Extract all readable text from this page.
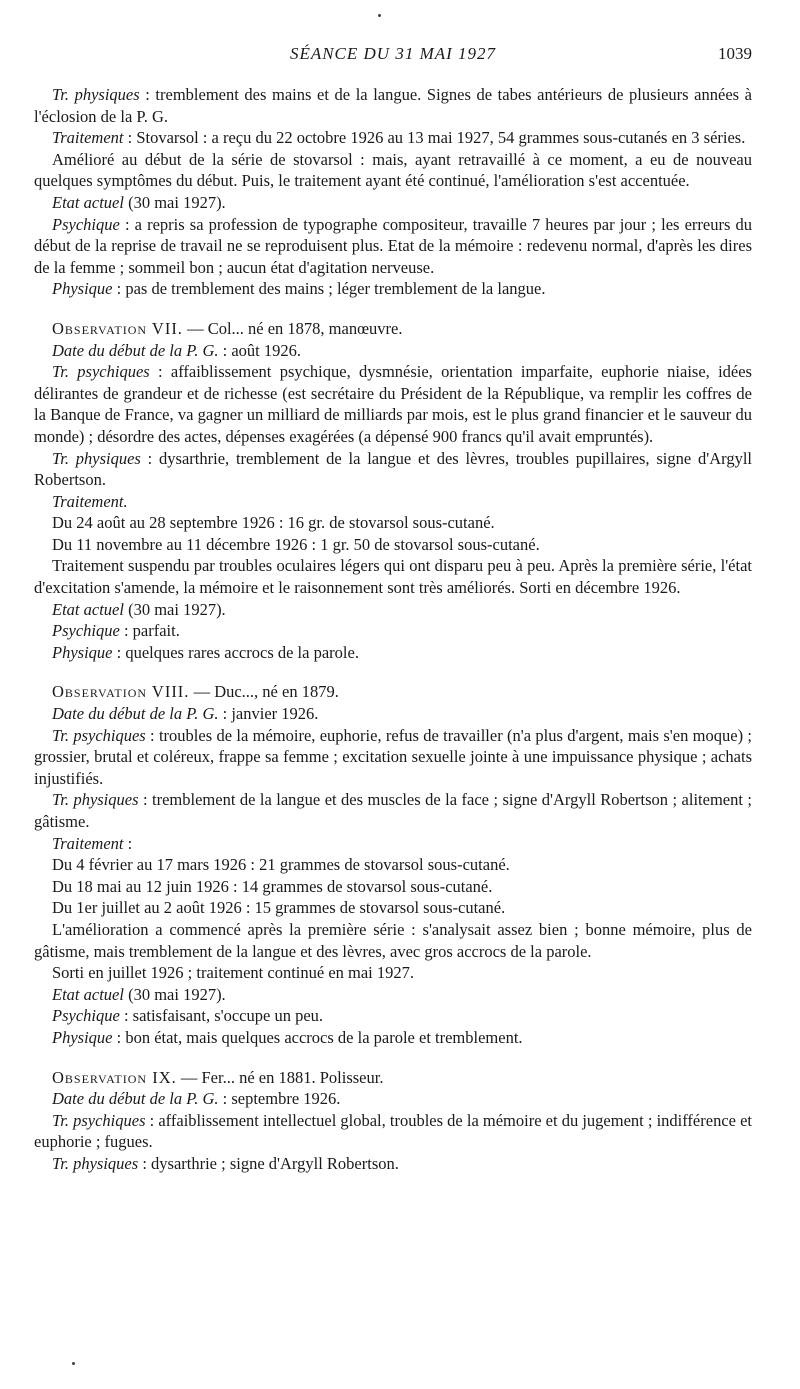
SÉANCE DU 31 MAI 1927	1039

Tr. physiques : tremblement des mains et de la langue. Signes de tabes antérieurs de plusieurs années à l'éclosion de la P. G.

Traitement : Stovarsol : a reçu du 22 octobre 1926 au 13 mai 1927, 54 grammes sous-cutanés en 3 séries.

Amélioré au début de la série de stovarsol : mais, ayant retravaillé à ce moment, a eu de nouveau quelques symptômes du début. Puis, le traitement ayant été continué, l'amélioration s'est accentuée.

Etat actuel (30 mai 1927).

Psychique : a repris sa profession de typographe compositeur, travaille 7 heures par jour ; les erreurs du début de la reprise de travail ne se reproduisent plus. Etat de la mémoire : redevenu normal, d'après les dires de la femme ; sommeil bon ; aucun état d'agitation nerveuse.

Physique : pas de tremblement des mains ; léger tremblement de la langue.

Observation VII. — Col... né en 1878, manœuvre.

Date du début de la P. G. : août 1926.

Tr. psychiques : affaiblissement psychique, dysmnésie, orientation imparfaite, euphorie niaise, idées délirantes de grandeur et de richesse (est secrétaire du Président de la République, va remplir les coffres de la Banque de France, va gagner un milliard de milliards par mois, est le plus grand financier et le sauveur du monde) ; désordre des actes, dépenses exagérées (a dépensé 900 francs qu'il avait empruntés).

Tr. physiques : dysarthrie, tremblement de la langue et des lèvres, troubles pupillaires, signe d'Argyll Robertson.

Traitement.

Du 24 août au 28 septembre 1926 : 16 gr. de stovarsol sous-cutané.

Du 11 novembre au 11 décembre 1926 : 1 gr. 50 de stovarsol sous-cutané.

Traitement suspendu par troubles oculaires légers qui ont disparu peu à peu. Après la première série, l'état d'excitation s'amende, la mémoire et le raisonnement sont très améliorés. Sorti en décembre 1926.

Etat actuel (30 mai 1927).

Psychique : parfait.

Physique : quelques rares accrocs de la parole.

Observation VIII. — Duc..., né en 1879.

Date du début de la P. G. : janvier 1926.

Tr. psychiques : troubles de la mémoire, euphorie, refus de travailler (n'a plus d'argent, mais s'en moque) ; grossier, brutal et coléreux, frappe sa femme ; excitation sexuelle jointe à une impuissance physique ; achats injustifiés.

Tr. physiques : tremblement de la langue et des muscles de la face ; signe d'Argyll Robertson ; alitement ; gâtisme.

Traitement :

Du 4 février au 17 mars 1926 : 21 grammes de stovarsol sous-cutané.

Du 18 mai au 12 juin 1926 : 14 grammes de stovarsol sous-cutané.

Du 1er juillet au 2 août 1926 : 15 grammes de stovarsol sous-cutané.

L'amélioration a commencé après la première série : s'analysait assez bien ; bonne mémoire, plus de gâtisme, mais tremblement de la langue et des lèvres, avec gros accrocs de la parole.

Sorti en juillet 1926 ; traitement continué en mai 1927.

Etat actuel (30 mai 1927).

Psychique : satisfaisant, s'occupe un peu.

Physique : bon état, mais quelques accrocs de la parole et tremblement.

Observation IX. — Fer... né en 1881. Polisseur.

Date du début de la P. G. : septembre 1926.

Tr. psychiques : affaiblissement intellectuel global, troubles de la mémoire et du jugement ; indifférence et euphorie ; fugues.

Tr. physiques : dysarthrie ; signe d'Argyll Robertson.
